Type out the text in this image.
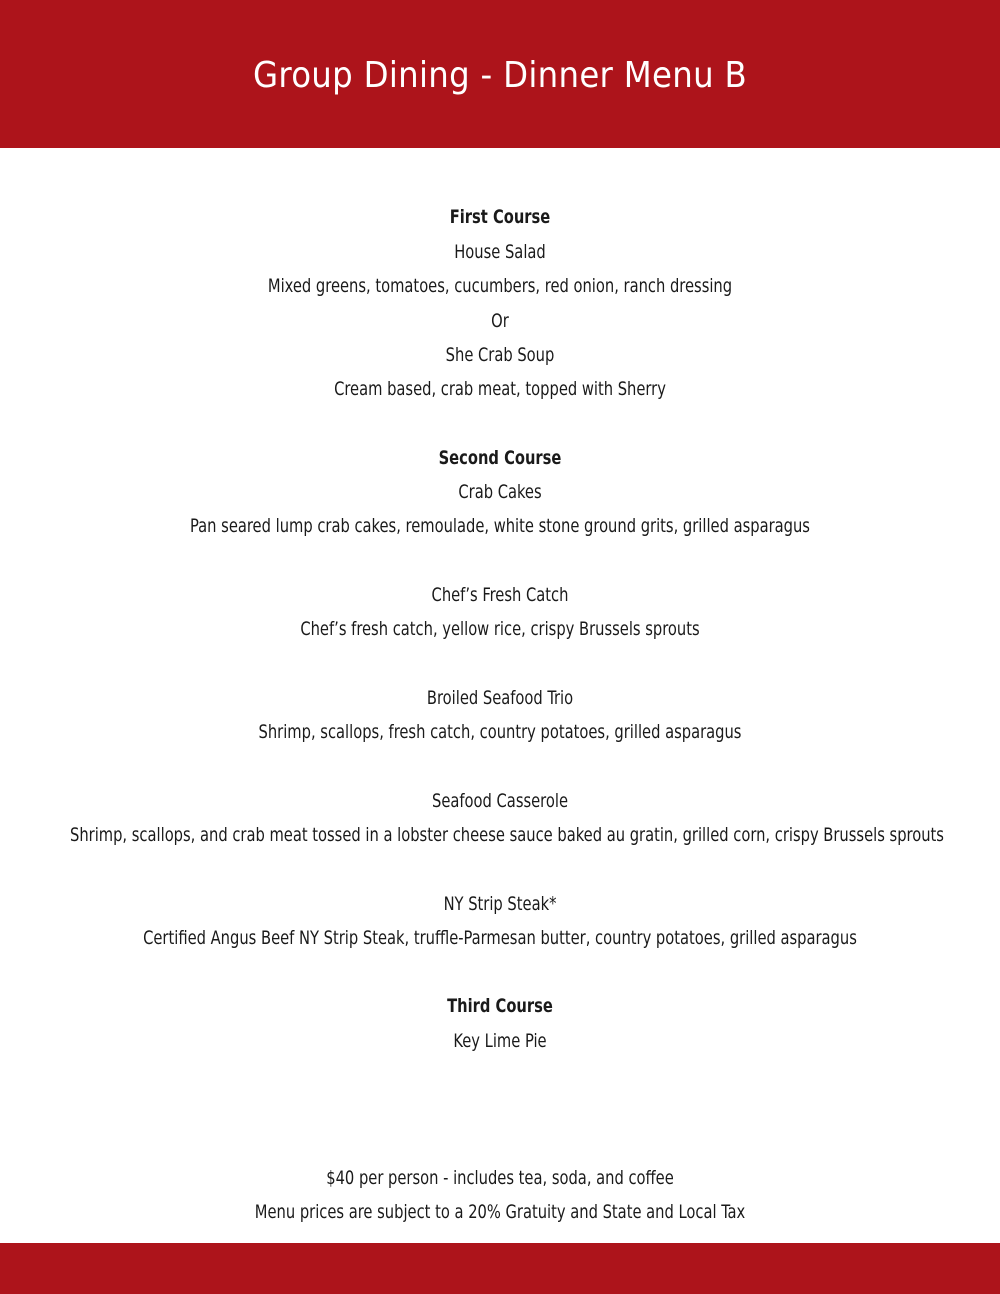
Group Dining - Dinner Menu B

First Course

House Salad

Mixed greens, tomatoes, cucumbers, red onion, ranch dressing

Or

She Crab Soup

Cream based, crab meat, topped with Sherry

Second Course

Crab Cakes

Pan seared lump crab cakes, remoulade, white stone ground grits, grilled asparagus

Chef’s Fresh Catch

Chef’s fresh catch, yellow rice, crispy Brussels sprouts

Broiled Seafood Trio

Shrimp, scallops, fresh catch, country potatoes, grilled asparagus

Seafood Casserole

Shrimp, scallops, and crab meat tossed in a lobster cheese sauce baked au gratin, grilled corn, crispy Brussels sprouts

NY Strip Steak*

Certified Angus Beef NY Strip Steak, truffle-Parmesan butter, country potatoes, grilled asparagus

Third Course

Key Lime Pie

$40 per person - includes tea, soda, and coffee

Menu prices are subject to a 20% Gratuity and State and Local Tax
